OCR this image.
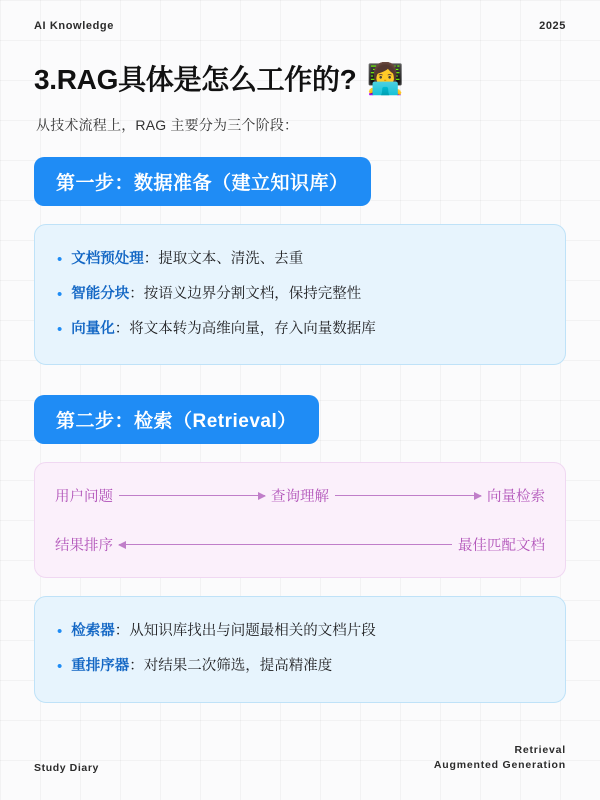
AI Knowledge	2025
3.RAG具体是怎么工作的? 👩‍💻

从技术流程上，RAG 主要分为三个阶段：

第一步：数据准备（建立知识库）
• 文档预处理 ：提取文本、清洗、去重
• 智能分块 ：按语义边界分割文档，保持完整性
• 向量化 ：将文本转为高维向量，存入向量数据库
第二步：检索（Retrieval）
用户问题	查询理解	向量检索
结果排序	最佳匹配文档
• 检索器 ：从知识库找出与问题最相关的文档片段
• 重排序器 ：对结果二次筛选，提高精准度
Study Diary
Retrieval
Augmented Generation
